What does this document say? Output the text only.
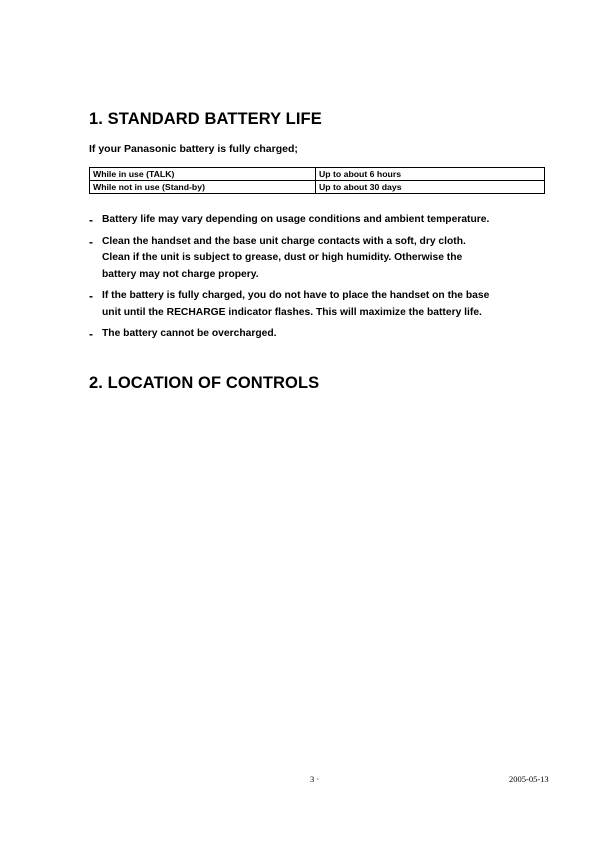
1. STANDARD BATTERY LIFE
If your Panasonic battery is fully charged;
While in use (TALK)	Up to about 6 hours
While not in use (Stand-by)	Up to about 30 days
- Battery life may vary depending on usage conditions and ambient temperature.
- Clean the handset and the base unit charge contacts with a soft, dry cloth.
Clean if the unit is subject to grease, dust or high humidity. Otherwise the
battery may not charge propery.
- If the battery is fully charged, you do not have to place the handset on the base
unit until the RECHARGE indicator flashes. This will maximize the battery life.
- The battery cannot be overcharged.
2. LOCATION OF CONTROLS
3 ·	2005-05-13
